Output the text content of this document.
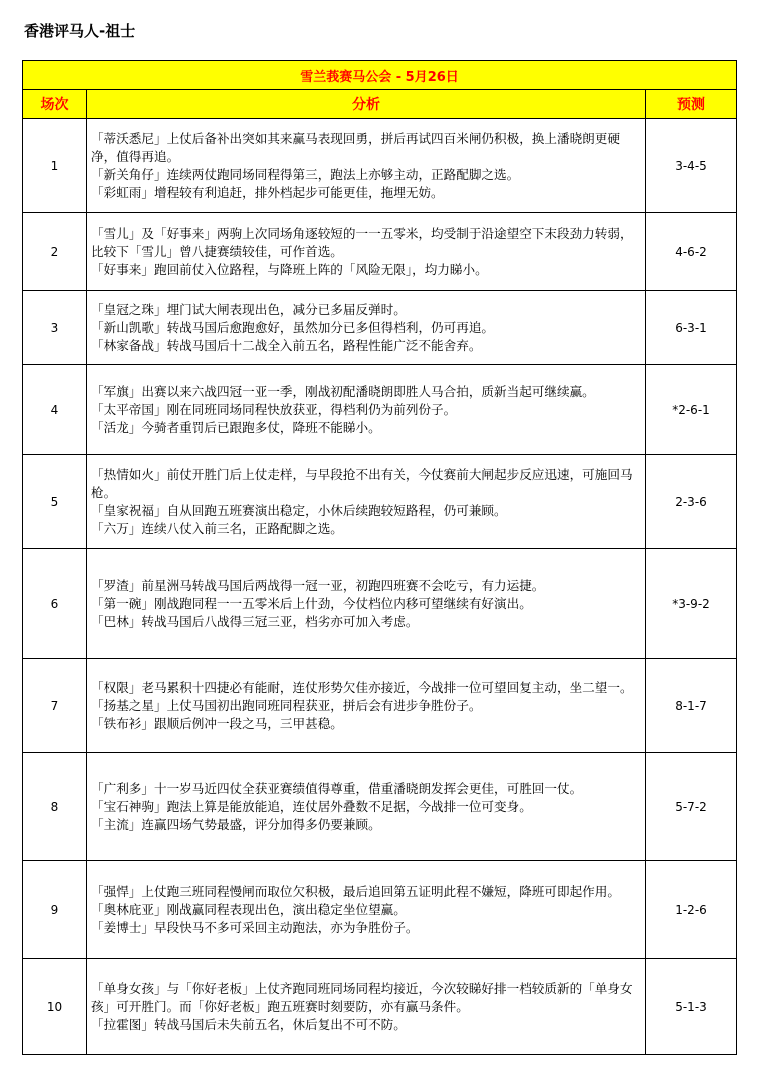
香港评马人-祖士
雪兰莪赛马公会 - 5月26日		
场次	分析	预测
1	「蒂沃悉尼」上仗后备补出突如其来赢马表现回勇，拼后再试四百米闸仍积极，换上潘晓朗更硬净，值得再追。
「新关角仔」连续两仗跑同场同程得第三，跑法上亦够主动，正路配脚之选。
「彩虹雨」增程较有利追赶，排外档起步可能更佳，拖埋无妨。	3-4-5
2	「雪儿」及「好事来」两驹上次同场角逐较短的一一五零米，均受制于沿途望空下末段劲力转弱，比较下「雪儿」曾八捷赛绩较佳，可作首选。
「好事来」跑回前仗入位路程，与降班上阵的「风险无限」，均力睇小。	4-6-2
3	「皇冠之珠」埋门试大闸表现出色，减分已多届反弹时。
「新山凯歌」转战马国后愈跑愈好，虽然加分已多但得档利，仍可再追。
「林家备战」转战马国后十二战全入前五名，路程性能广泛不能舍弃。	6-3-1
4	「军旗」出赛以来六战四冠一亚一季，刚战初配潘晓朗即胜人马合拍，质新当起可继续赢。
「太平帝国」刚在同班同场同程快放获亚，得档利仍为前列份子。
「活龙」今骑者重罚后已跟跑多仗，降班不能睇小。	*2-6-1
5	「热情如火」前仗开胜门后上仗走样，与早段抢不出有关，今仗赛前大闸起步反应迅速，可施回马枪。
「皇家祝福」自从回跑五班赛演出稳定，小休后续跑较短路程，仍可兼顾。
「六万」连续八仗入前三名，正路配脚之选。	2-3-6
6	「罗渣」前星洲马转战马国后两战得一冠一亚，初跑四班赛不会吃亏，有力运捷。
「第一碗」刚战跑同程一一五零米后上什劲，今仗档位内移可望继续有好演出。
「巴林」转战马国后八战得三冠三亚，档劣亦可加入考虑。	*3-9-2
7	「权限」老马累积十四捷必有能耐，连仗形势欠佳亦接近，今战排一位可望回复主动，坐二望一。
「扬基之星」上仗马国初出跑同班同程获亚，拼后会有进步争胜份子。
「铁布衫」跟顺后例冲一段之马，三甲甚稳。	8-1-7
8	「广利多」十一岁马近四仗全获亚赛绩值得尊重，借重潘晓朗发挥会更佳，可胜回一仗。
「宝石神驹」跑法上算是能放能追，连仗居外叠数不足据，今战排一位可变身。
「主流」连赢四场气势最盛，评分加得多仍要兼顾。	5-7-2
9	「强悍」上仗跑三班同程慢闸而取位欠积极，最后追回第五证明此程不嫌短，降班可即起作用。
「奥林庇亚」刚战赢同程表现出色，演出稳定坐位望赢。
「姜博士」早段快马不多可采回主动跑法，亦为争胜份子。	1-2-6
10	「单身女孩」与「你好老板」上仗齐跑同班同场同程均接近，今次较睇好排一档较质新的「单身女孩」可开胜门。而「你好老板」跑五班赛时刻要防，亦有赢马条件。
「拉霍图」转战马国后未失前五名，休后复出不可不防。	5-1-3
